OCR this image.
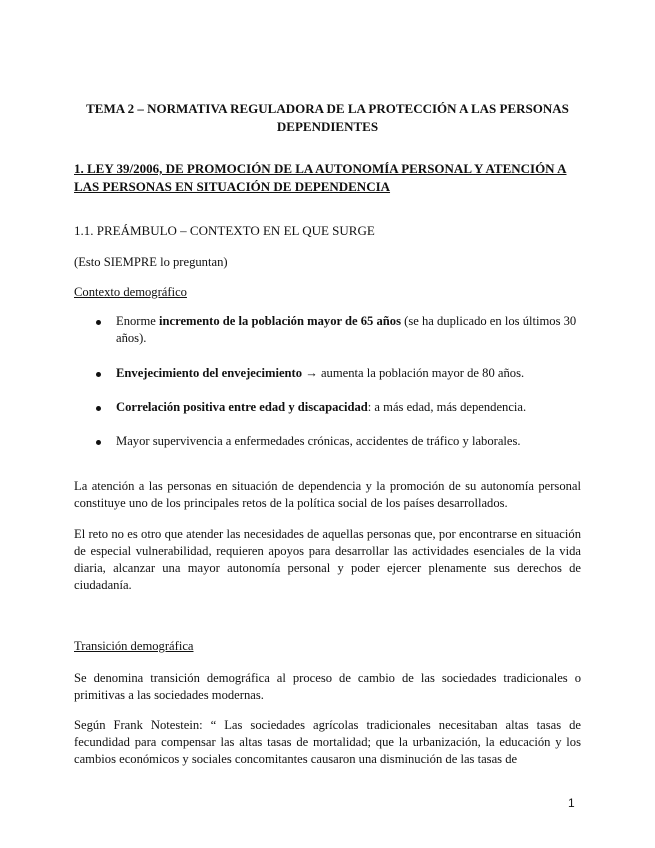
TEMA 2 – NORMATIVA REGULADORA DE LA PROTECCIÓN A LAS PERSONAS DEPENDIENTES
1. LEY 39/2006, DE PROMOCIÓN DE LA AUTONOMÍA PERSONAL Y ATENCIÓN A LAS PERSONAS EN SITUACIÓN DE DEPENDENCIA
1.1. PREÁMBULO – CONTEXTO EN EL QUE SURGE
(Esto SIEMPRE lo preguntan)
Contexto demográfico
Enorme incremento de la población mayor de 65 años (se ha duplicado en los últimos 30 años).
Envejecimiento del envejecimiento → aumenta la población mayor de 80 años.
Correlación positiva entre edad y discapacidad: a más edad, más dependencia.
Mayor supervivencia a enfermedades crónicas, accidentes de tráfico y laborales.

La atención a las personas en situación de dependencia y la promoción de su autonomía personal constituye uno de los principales retos de la política social de los países desarrollados.

El reto no es otro que atender las necesidades de aquellas personas que, por encontrarse en situación de especial vulnerabilidad, requieren apoyos para desarrollar las actividades esenciales de la vida diaria, alcanzar una mayor autonomía personal y poder ejercer plenamente sus derechos de ciudadanía.

Transición demográfica

Se denomina transición demográfica al proceso de cambio de las sociedades tradicionales o primitivas a las sociedades modernas.

Según Frank Notestein: “ Las sociedades agrícolas tradicionales necesitaban altas tasas de fecundidad para compensar las altas tasas de mortalidad; que la urbanización, la educación y los cambios económicos y sociales concomitantes causaron una disminución de las tasas de

1
